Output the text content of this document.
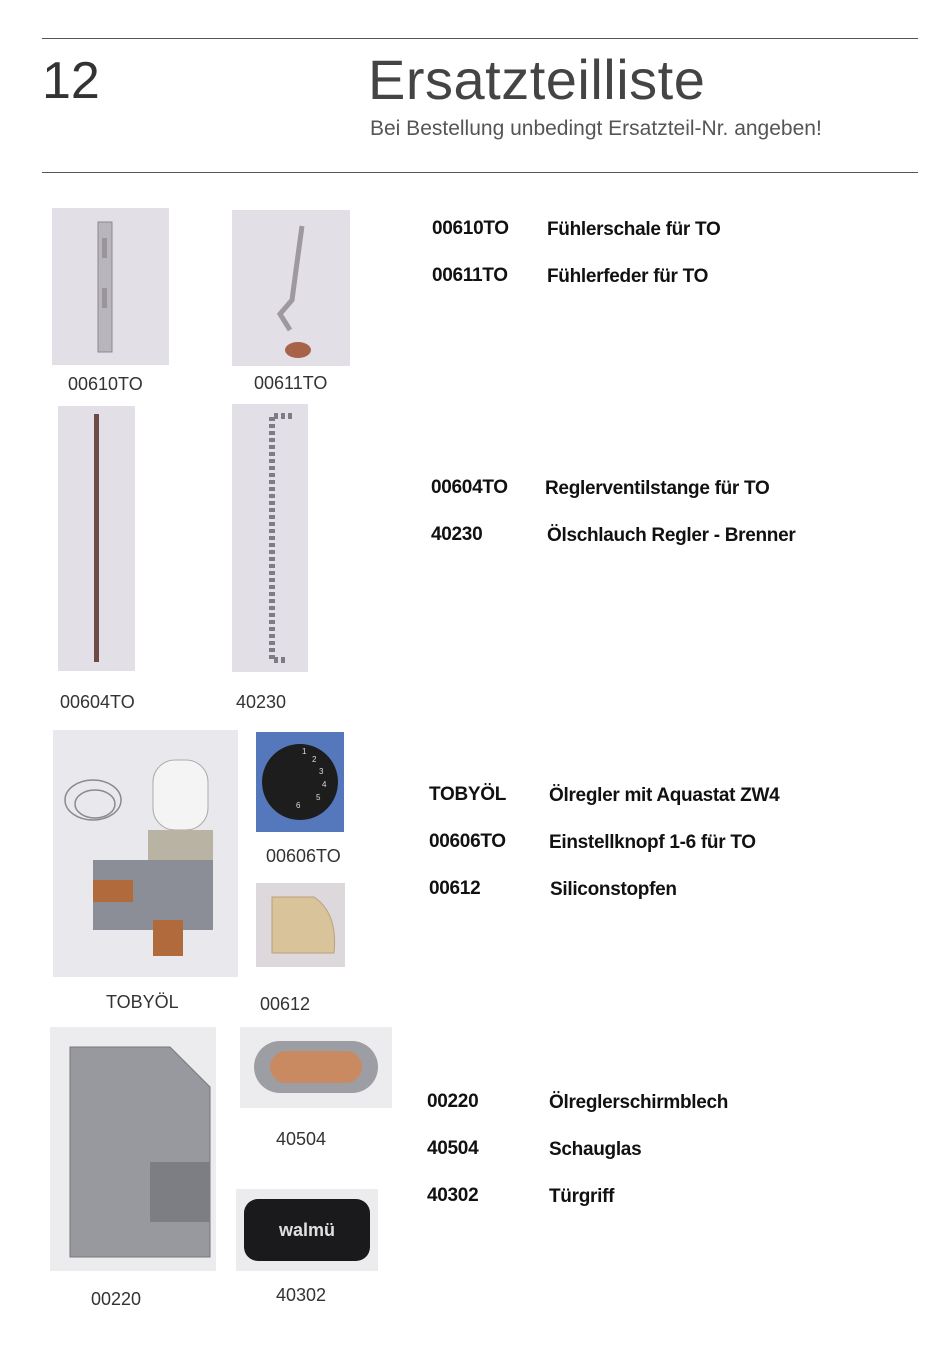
12	Ersatzteilliste
Bei Bestellung unbedingt Ersatzteil-Nr. angeben!
00610TO	00611TO
00610TO Fühlerschale für TO
00611TO Fühlerfeder für TO
00604TO	40230
00604TO Reglerventilstange für TO
40230	Ölschlauch Regler - Brenner
TOBYÖL
1
2
3
4
5
6
00606TO
00612
TOBYÖL Ölregler mit Aquastat ZW4
00606TO Einstellknopf 1-6 für TO
00612	Siliconstopfen
00220
40504
walmü
40302
00220	Ölreglerschirmblech
40504	Schauglas
40302	Türgriff
